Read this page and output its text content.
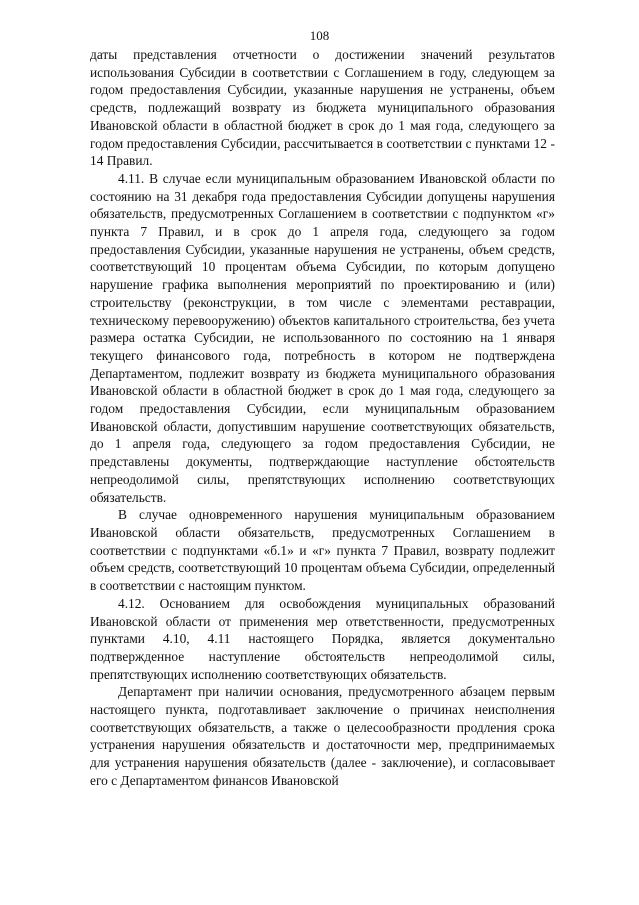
108

даты представления отчетности о достижении значений результатов использования Субсидии в соответствии с Соглашением в году, следующем за годом предоставления Субсидии, указанные нарушения не устранены, объем средств, подлежащий возврату из бюджета муниципального образования Ивановской области в областной бюджет в срок до 1 мая года, следующего за годом предоставления Субсидии, рассчитывается в соответствии с пунктами 12 - 14 Правил.

4.11. В случае если муниципальным образованием Ивановской области по состоянию на 31 декабря года предоставления Субсидии допущены нарушения обязательств, предусмотренных Соглашением в соответствии с подпунктом «г» пункта 7 Правил, и в срок до 1 апреля года, следующего за годом предоставления Субсидии, указанные нарушения не устранены, объем средств, соответствующий 10 процентам объема Субсидии, по которым допущено нарушение графика выполнения мероприятий по проектированию и (или) строительству (реконструкции, в том числе с элементами реставрации, техническому перевооружению) объектов капитального строительства, без учета размера остатка Субсидии, не использованного по состоянию на 1 января текущего финансового года, потребность в котором не подтверждена Департаментом, подлежит возврату из бюджета муниципального образования Ивановской области в областной бюджет в срок до 1 мая года, следующего за годом предоставления Субсидии, если муниципальным образованием Ивановской области, допустившим нарушение соответствующих обязательств, до 1 апреля года, следующего за годом предоставления Субсидии, не представлены документы, подтверждающие наступление обстоятельств непреодолимой силы, препятствующих исполнению соответствующих обязательств.

В случае одновременного нарушения муниципальным образованием Ивановской области обязательств, предусмотренных Соглашением в соответствии с подпунктами «б.1» и «г» пункта 7 Правил, возврату подлежит объем средств, соответствующий 10 процентам объема Субсидии, определенный в соответствии с настоящим пунктом.

4.12. Основанием для освобождения муниципальных образований Ивановской области от применения мер ответственности, предусмотренных пунктами 4.10, 4.11 настоящего Порядка, является документально подтвержденное наступление обстоятельств непреодолимой силы, препятствующих исполнению соответствующих обязательств.

Департамент при наличии основания, предусмотренного абзацем первым настоящего пункта, подготавливает заключение о причинах неисполнения соответствующих обязательств, а также о целесообразности продления срока устранения нарушения обязательств и достаточности мер, предпринимаемых для устранения нарушения обязательств (далее - заключение), и согласовывает его с Департаментом финансов Ивановской
